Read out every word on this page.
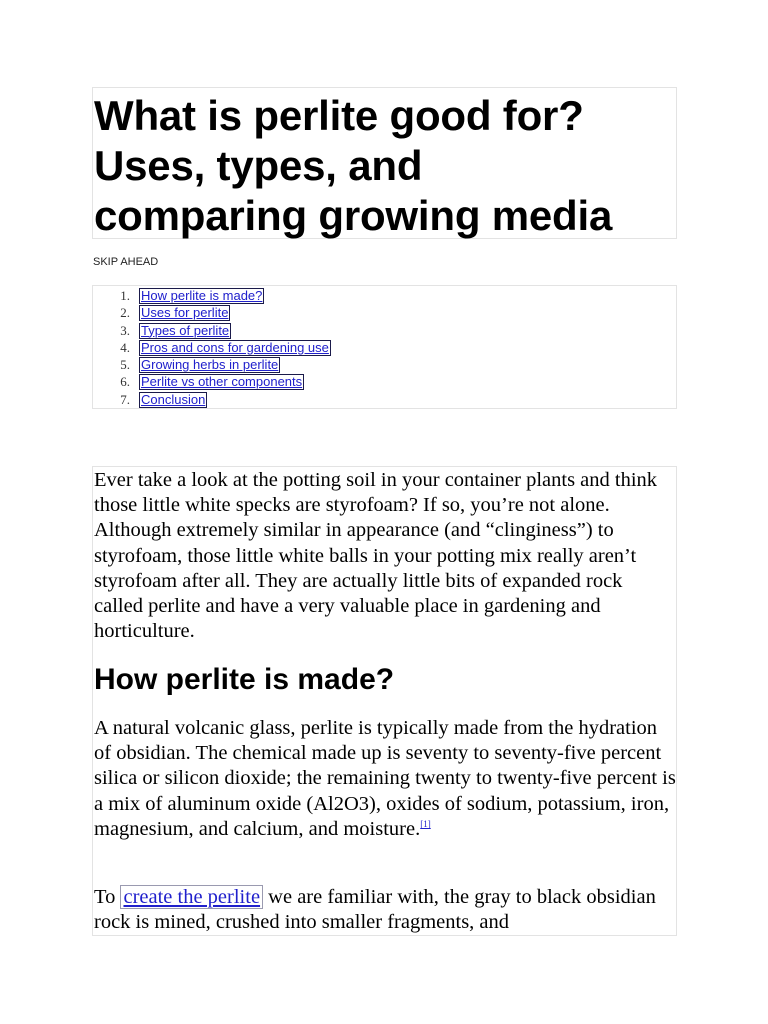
What is perlite good for?
Uses, types, and
comparing growing media
SKIP AHEAD
1. How perlite is made?
2. Uses for perlite
3. Types of perlite
4. Pros and cons for gardening use
5. Growing herbs in perlite
6. Perlite vs other components
7. Conclusion

Ever take a look at the potting soil in your container plants and think those little white specks are styrofoam? If so, you’re not alone. Although extremely similar in appearance (and “clinginess”) to styrofoam, those little white balls in your potting mix really aren’t styrofoam after all. They are actually little bits of expanded rock called perlite and have a very valuable place in gardening and horticulture.

How perlite is made?

A natural volcanic glass, perlite is typically made from the hydration of obsidian. The chemical made up is seventy to seventy-five percent silica or silicon dioxide; the remaining twenty to twenty-five percent is a mix of aluminum oxide (Al2O3), oxides of sodium, potassium, iron, magnesium, and calcium, and moisture.[1]

To create the perlite we are familiar with, the gray to black obsidian rock is mined, crushed into smaller fragments, and
